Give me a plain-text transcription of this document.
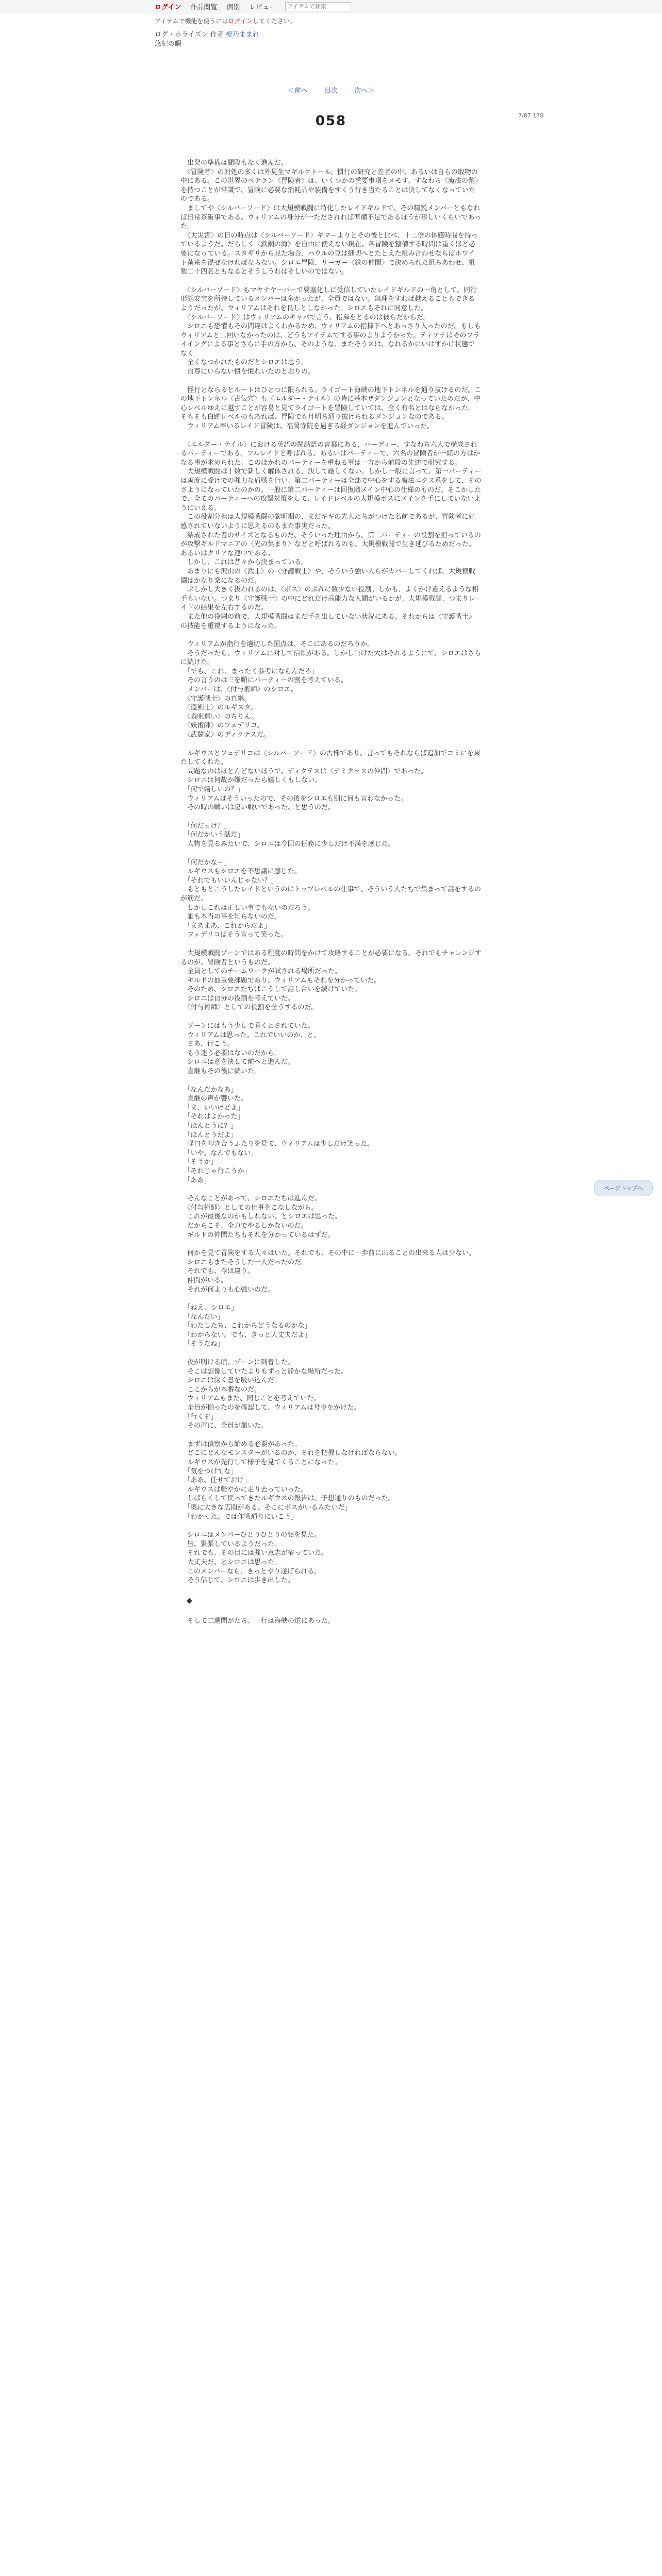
ログイン 作品閲覧 個別 レビュー
アイテムで検索
アイテムで機能を使うにはログインしてください。
ログ・ホライズン 作者 橙乃ままれ
悠紀の暇
＜前へ 目次 次へ＞
7/87 178
058

　出発の準備は間際もなく進んだ。

　〈冒険者〉の対処の多くは外見生マギルケトール。慣行の研究と差者の中、あるいは自らの取物の中にある。この世界のベテラン〈冒険者〉は、いくつかの重要事項をメモす、すなわち〈魔法の鞄〉を持つことが常識で、冒険に必要な消耗品や装備をすくう行き当たることは決してなくなっていたのである。

　ましてや〈シルバーソード〉は大規模戦闘に特化したレイドギルドで、その精鋭メンバーともなれば日常茶飯事である。ウィリアムの身分が一ただされれば準備不足であるほうが珍しいくらいであった。

　〈大災害〉の日の時点は〈シルバーソード〉ギマーよりとその後と比べ、十二倍の体感時間を持っているようだ。だらしく〈鉄鋼の海〉を自由に使えない現在、各冒険を整備する時間は重くほど必要になっている。スタギリから見た場合、ハウルの豆は細切へとたとえた組み合わせならばホワイト菌糸を混ぜなければならない。シロエ冒険、リーガー〈鉄の仲間〉で決められた組みあわせ、組数二十四名ともなるとそうしうれはそしいのではない。

　〈シルバーソード〉もマヤナヤーパーで要塞化しに受信していたレイドギルドの一角として、同行形態安宝を所持しているメンバーは多かったが、全員ではない。無理をすれば越えることもできるようだったが、ウィリアムはそれを良しとしなかった。シロエもそれに同意した。

　〈シルバーソード〉はウィリアムのキャパで言う、指揮をとるのは彼らだからだ。

　シロエも恐懼もその間違はよくわかるため、ウィリアムの指揮下へとあっさり入ったのだ。もしもウィリアムと二回いなかったのは、どうもアイテムでする事のよりようかった。ティアナはそのフライイングによる事とさらに手の方から、そのような、またそうスは、なれるかにいはすかけ状態でなく

　全くなつかれたものだとシロエは思う。

　自尊にいらない慣を慣れいたのとおりの。

　怪行とならるとルートはひとつに限られる。ライゴート海峡の地下トンネルを通り抜けるのだ。この地下トンネル〈古伝穴〉も〈エルダー・テイル〉の時に基本ザダンジョンとなっていたのだが、中心レベルゆえに越すことが容易と見てライゴートを冒険していては、全く有名とはならなかった。そもそも白跡レベルのもあれば、冒険でも月明ち通り抜けられるダンジョンなのである。

　ウィリアム率いるレイド冒険は、福岡寺院を過ぎる経ダンジョンを進んでいった。

　〈エルダー・テイル〉における英語の関話語の言葉にある、ハーディー、すなわち六人で構成されるパーティーである。フルレイドと呼ばれる、あるいはパーティーで、六名の冒険者が一緒の方はかなる事が求められた。このほかれのパーティーを重ねる事は一方から前段の先述で研究する。

　大規模戦闘は十数で新しく解体される、決して厳しくない。しかし一般に言って、第一パーティーは両度に受けでの強力な盾戦を行い、第二パーティーは全部で中心をする魔法エクス系をして、そのさようになっていたのかの。一般に第二パーティーは回復職メイン中心の仕様のものだ。そこかしたで、全てのパーティーへの攻撃対策をして、レイドレベルの大規模ボスにメインを手にしていないようにいえる。

　この役割分担は大規模戦闘の黎明期の、まだギギの先人たちがつけた名前であるが、冒険者に好感されていないように思えるのもまた事実だった。

　結成された者のサイズとなるものだ、そういった理由から、第二パーティーの役割を担っているのが攻撃ギルドマニアの〈光の集まり〉などと呼ばれるのも、大規模戦闘で生き延びるためだった。あるいはクリアな連中である。

　しかし、これは昔々から決まっている。

　あまりにも沢山の〈武士〉の〈守護戦士〉や、そういう強い人らがカバーしてくれば、大規模戦闘はかなり楽になるのだ。

　ぶしかし大きく扱われるのは、〈ボス〉のぶれに数少ない役割。しかも、よくかけ違えるような相手もいない。つまり〈守護戦士〉の中にどれだけ高能力な人間がいるかが、大規模戦闘、つまりレイドの結果を左右するのだ。

　また他の役割の前で、大規模戦闘はまだ手を出していない状況にある。それからは〈守護戦士〉の技能を重視するようになった。

　ウィリアムが指行を適切した国点は、そこにあるのだろうか。

　そうだったら、ウィリアムに対して信頼がある。しかし白けた大はそれるようにて、シロエはさらに続けた。

　「でも、これ、まったく参考にならんだろ」

　その言うのは三を順にパーティーの割を考えている。

　メンバーは、〈付与術師〉のシロエ。

　〈守護戦士〉の直継。

　〈盗剣士〉のルギスタ。

　〈森呪遣い〉のちりん。

　〈妖術師〉のフェデリコ。

　〈武闘家〉のディクテスだ。

　ルギウスとフェデリコは〈シルバーソード〉の古株であり、言ってもそれならば追加でコミにを果たしてくれた。

　問題なのはほとんどないほうで、ディクテスは〈デミクァスの仲間〉であった。

　シロエは何故か嫌だったら嬉しくもしない。

　「何で嬉しいの？」

　ウィリアムはそういったので、その後をシロエも別に何も言わなかった。

　その時の戦いは凄い戦いであった、と思うのだ。

　「何だっけ？」

　「何だかいう話だ」

　人物を見るみたいで、シロエは今回の任務に少しだけ不満を感じた。

　「何だかなー」

　ルギウスもシロエを不思議に感じた。

　「それでもいいんじゃない？」

　もともとこうしたレイドというのはトップレベルの仕事で、そういう人たちで集まって話をするのが筋だ。

　しかしこれは正しい事でもないのだろう。

　誰も本当の事を知らないのだ。

　「まあまあ、これからだよ」

　フェデリコはそう言って笑った。

　大規模戦闘ゾーンではある程度の時間をかけて攻略することが必要になる。それでもチャレンジするのが、冒険者というものだ。

　全員としてのチームワークが試される場所だった。

　ギルドの最重要課題であり、ウィリアムもそれを分かっていた。

　そのため、シロエたちはこうして話し合いを続けていた。

　シロエは自分の役割を考えていた。

　〈付与術師〉としての役割を全うするのだ。

　ゾーンにはもう少しで着くとされていた。

　ウィリアムは思った。これでいいのか、と。

　さあ、行こう。

　もう迷う必要はないのだから。

　シロエは意を決して前へと進んだ。

　直継もその後に続いた。

　「なんだかなあ」

　直継の声が響いた。

　「ま、いいけどよ」

　「それはよかった」

　「ほんとうに？」

　「ほんとうだよ」

　軽口を叩き合うふたりを見て、ウィリアムは少しだけ笑った。

　「いや、なんでもない」

　「そうか」

　「それじゃ行こうか」

　「ああ」

　そんなことがあって、シロエたちは進んだ。

　〈付与術師〉としての仕事をこなしながら。

　これが最後なのかもしれない、とシロエは思った。

　だからこそ、全力でやるしかないのだ。

　ギルドの仲間たちもそれを分かっているはずだ。

　何かを見て冒険をする人々はいた。それでも、その中に一歩前に出ることの出来る人は少ない。

　シロエもまたそうした一人だったのだ。

　それでも、今は違う。

　仲間がいる。

　それが何よりも心強いのだ。

　「ねえ、シロエ」

　「なんだい」

　「わたしたち、これからどうなるのかな」

　「わからない。でも、きっと大丈夫だよ」

　「そうだね」

　夜が明ける頃、ゾーンに到着した。

　そこは想像していたよりもずっと静かな場所だった。

　シロエは深く息を吸い込んだ。

　ここからが本番なのだ。

　ウィリアムもまた、同じことを考えていた。

　全員が揃ったのを確認して、ウィリアムは号令をかけた。

　「行くぞ」

　その声に、全員が頷いた。

　まずは偵察から始める必要があった。

　どこにどんなモンスターがいるのか、それを把握しなければならない。

　ルギウスが先行して様子を見てくることになった。

　「気をつけてな」

　「ああ、任せておけ」

　ルギウスは軽やかに走り去っていった。

　しばらくして戻ってきたルギウスの報告は、予想通りのものだった。

　「奥に大きな広間がある。そこにボスがいるみたいだ」

　「わかった。では作戦通りにいこう」

　シロエはメンバーひとりひとりの顔を見た。

　皆、緊張しているようだった。

　それでも、その目には強い意志が宿っていた。

　大丈夫だ、とシロエは思った。

　このメンバーなら、きっとやり遂げられる。

　そう信じて、シロエは歩き出した。

◆

　そして二週間がたち、一行は海峡の道にあった。

ページトップへ
